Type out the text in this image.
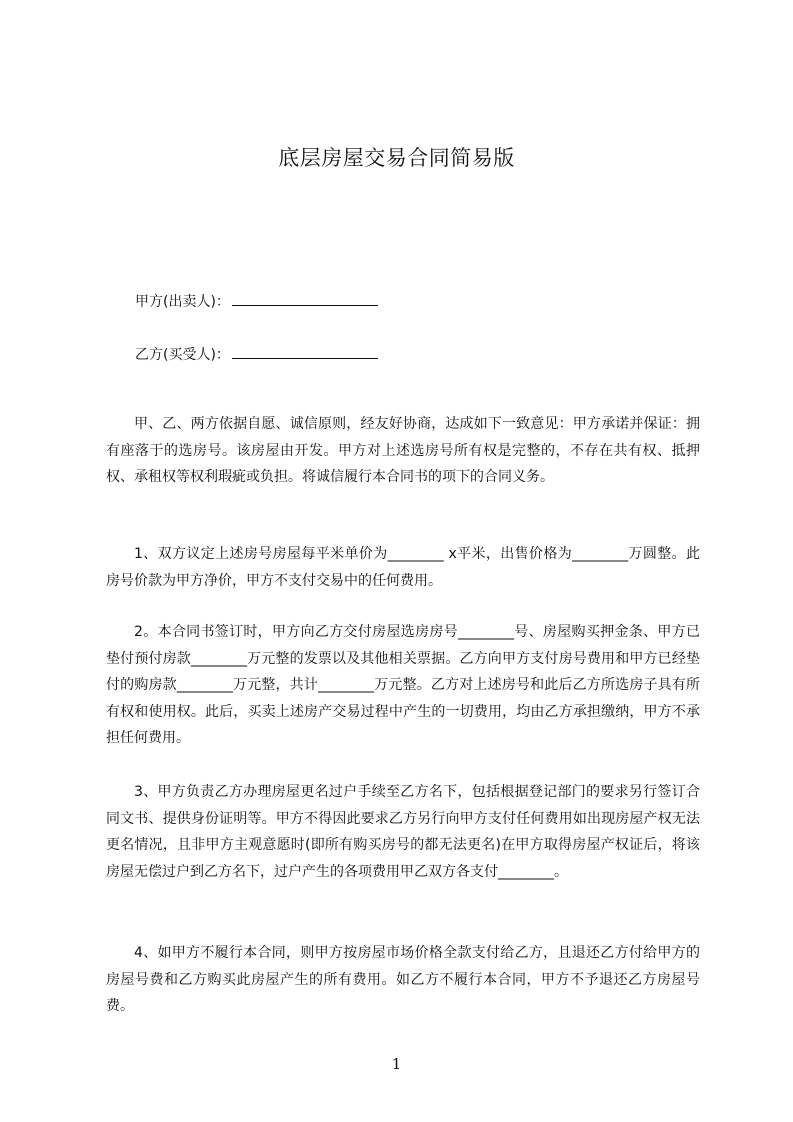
底层房屋交易合同简易版
甲方(出卖人)：
乙方(买受人)：

甲、乙、两方依据自愿、诚信原则，经友好协商，达成如下一致意见：甲方承诺并保证：拥有座落于的选房号。该房屋由开发。甲方对上述选房号所有权是完整的，不存在共有权、抵押权、承租权等权利瑕疵或负担。将诚信履行本合同书的项下的合同义务。

1、双方议定上述房号房屋每平米单价为________ x平米，出售价格为________万圆整。此房号价款为甲方净价，甲方不支付交易中的任何费用。

2。本合同书签订时，甲方向乙方交付房屋选房房号________号、房屋购买押金条、甲方已垫付预付房款________万元整的发票以及其他相关票据。乙方向甲方支付房号费用和甲方已经垫付的购房款________万元整，共计________万元整。乙方对上述房号和此后乙方所选房子具有所有权和使用权。此后，买卖上述房产交易过程中产生的一切费用，均由乙方承担缴纳，甲方不承担任何费用。

3、甲方负责乙方办理房屋更名过户手续至乙方名下，包括根据登记部门的要求另行签订合同文书、提供身份证明等。甲方不得因此要求乙方另行向甲方支付任何费用如出现房屋产权无法更名情况，且非甲方主观意愿时(即所有购买房号的都无法更名)在甲方取得房屋产权证后，将该房屋无偿过户到乙方名下，过户产生的各项费用甲乙双方各支付________。

4、如甲方不履行本合同，则甲方按房屋市场价格全款支付给乙方，且退还乙方付给甲方的房屋号费和乙方购买此房屋产生的所有费用。如乙方不履行本合同，甲方不予退还乙方房屋号费。

1
